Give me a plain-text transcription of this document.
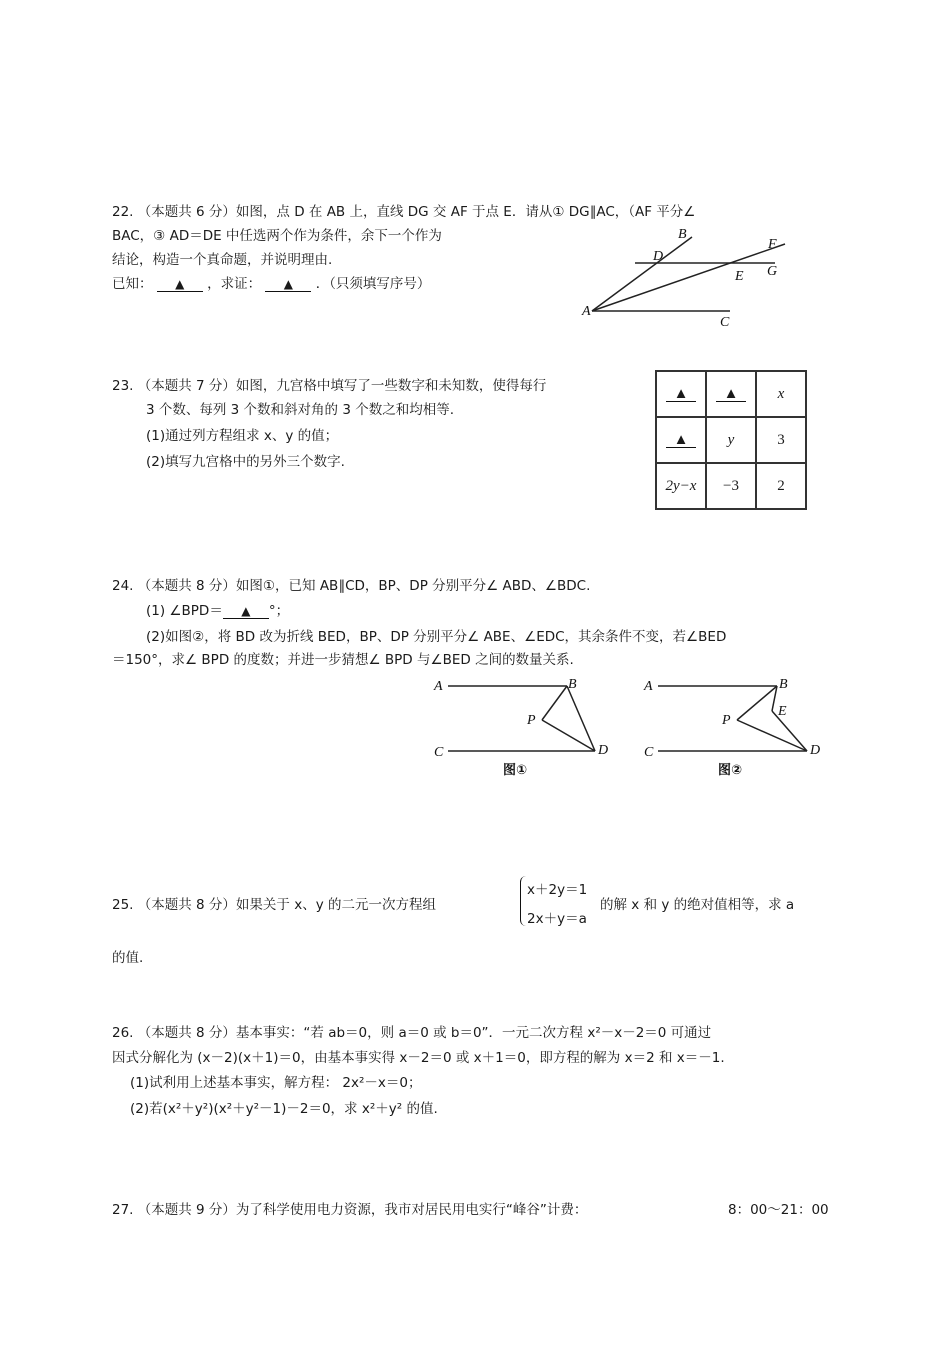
22. （本题共 6 分）如图，点 D 在 AB 上，直线 DG 交 AF 于点 E．请从① DG∥AC，（AF 平分∠
BAC，③ AD＝DE 中任选两个作为条件，余下一个作为
结论，构造一个真命题，并说明理由.
已知： ▲ ，求证： ▲ ．（只须填写序号）
A
B
C
D
E
F
G
23. （本题共 7 分）如图，九宫格中填写了一些数字和未知数，使得每行
3 个数、每列 3 个数和斜对角的 3 个数之和均相等.
(1)通过列方程组求 x、y 的值；
(2)填写九宫格中的另外三个数字.
▲	▲	x
▲	y	3
2y−x	−3	2
24. （本题共 8 分）如图①，已知 AB∥CD，BP、DP 分别平分∠ ABD、∠BDC.
(1) ∠BPD＝ ▲ °；
(2)如图②，将 BD 改为折线 BED，BP、DP 分别平分∠ ABE、∠EDC，其余条件不变，若∠BED
＝150°，求∠ BPD 的度数；并进一步猜想∠ BPD 与∠BED 之间的数量关系.
A	B
C	D
P
图①
A	B
C	D
P
E
图②
25. （本题共 8 分）如果关于 x、y 的二元一次方程组
x＋2y＝1
2x＋y＝a
的解 x 和 y 的绝对值相等，求 a
的值.
26. （本题共 8 分）基本事实：“若 ab＝0，则 a＝0 或 b＝0”．一元二次方程 x²－x－2＝0 可通过
因式分解化为 (x－2)(x＋1)＝0，由基本事实得 x－2＝0 或 x＋1＝0，即方程的解为 x＝2 和 x＝－1.
(1)试利用上述基本事实，解方程： 2x²－x＝0；
(2)若(x²＋y²)(x²＋y²－1)－2＝0，求 x²＋y² 的值.
27. （本题共 9 分）为了科学使用电力资源，我市对居民用电实行“峰谷”计费：	8：00～21：00
